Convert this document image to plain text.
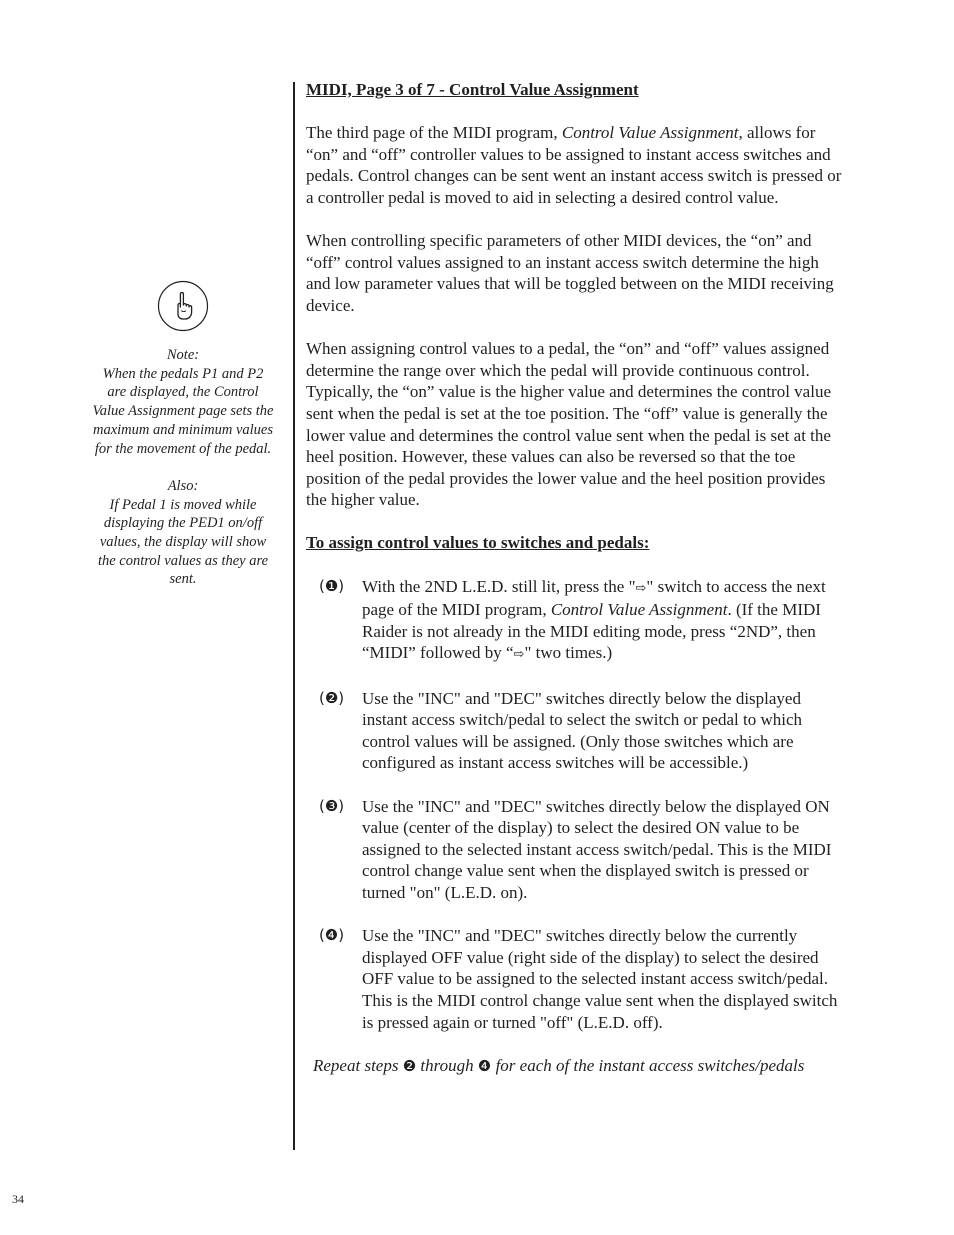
Note:

When the pedals P1 and P2

are displayed, the Control

Value Assignment page sets the

maximum and minimum values

for the movement of the pedal.

Also:

If Pedal 1 is moved while

displaying the PED1 on/off

values, the display will show

the control values as they are

sent.

MIDI, Page 3 of 7 - Control Value Assignment

The third page of the MIDI program, Control Value Assignment, allows for “on” and “off” controller values to be assigned to instant access switches and pedals. Control changes can be sent went an instant access switch is pressed or a controller pedal is moved to aid in selecting a desired control value.

When controlling specific parameters of other MIDI devices, the “on” and “off” control values assigned to an instant access switch determine the high and low parameter values that will be toggled between on the MIDI receiving device.

When assigning control values to a pedal, the “on” and “off” values assigned determine the range over which the pedal will provide continuous control. Typically, the “on” value is the higher value and determines the control value sent when the pedal is set at the toe position. The “off” value is generally the lower value and determines the control value sent when the pedal is set at the heel position. However, these values can also be reversed so that the toe position of the pedal provides the lower value and the heel position provides the higher value.

To assign control values to switches and pedals:

(❶) With the 2ND L.E.D. still lit, press the "⇨" switch to access the next page of the MIDI program, Control Value Assignment. (If the MIDI Raider is not already in the MIDI editing mode, press “2ND”, then “MIDI” followed by “⇨" two times.)
(❷) Use the "INC" and "DEC" switches directly below the displayed instant access switch/pedal to select the switch or pedal to which control values will be assigned. (Only those switches which are configured as instant access switches will be accessible.)
(❸) Use the "INC" and "DEC" switches directly below the displayed ON value (center of the display) to select the desired ON value to be assigned to the selected instant access switch/pedal. This is the MIDI control change value sent when the displayed switch is pressed or turned "on" (L.E.D. on).
(❹) Use the "INC" and "DEC" switches directly below the currently displayed OFF value (right side of the display) to select the desired OFF value to be assigned to the selected instant access switch/pedal. This is the MIDI control change value sent when the displayed switch is pressed again or turned "off" (L.E.D. off).

Repeat steps ❷ through ❹ for each of the instant access switches/pedals

34
